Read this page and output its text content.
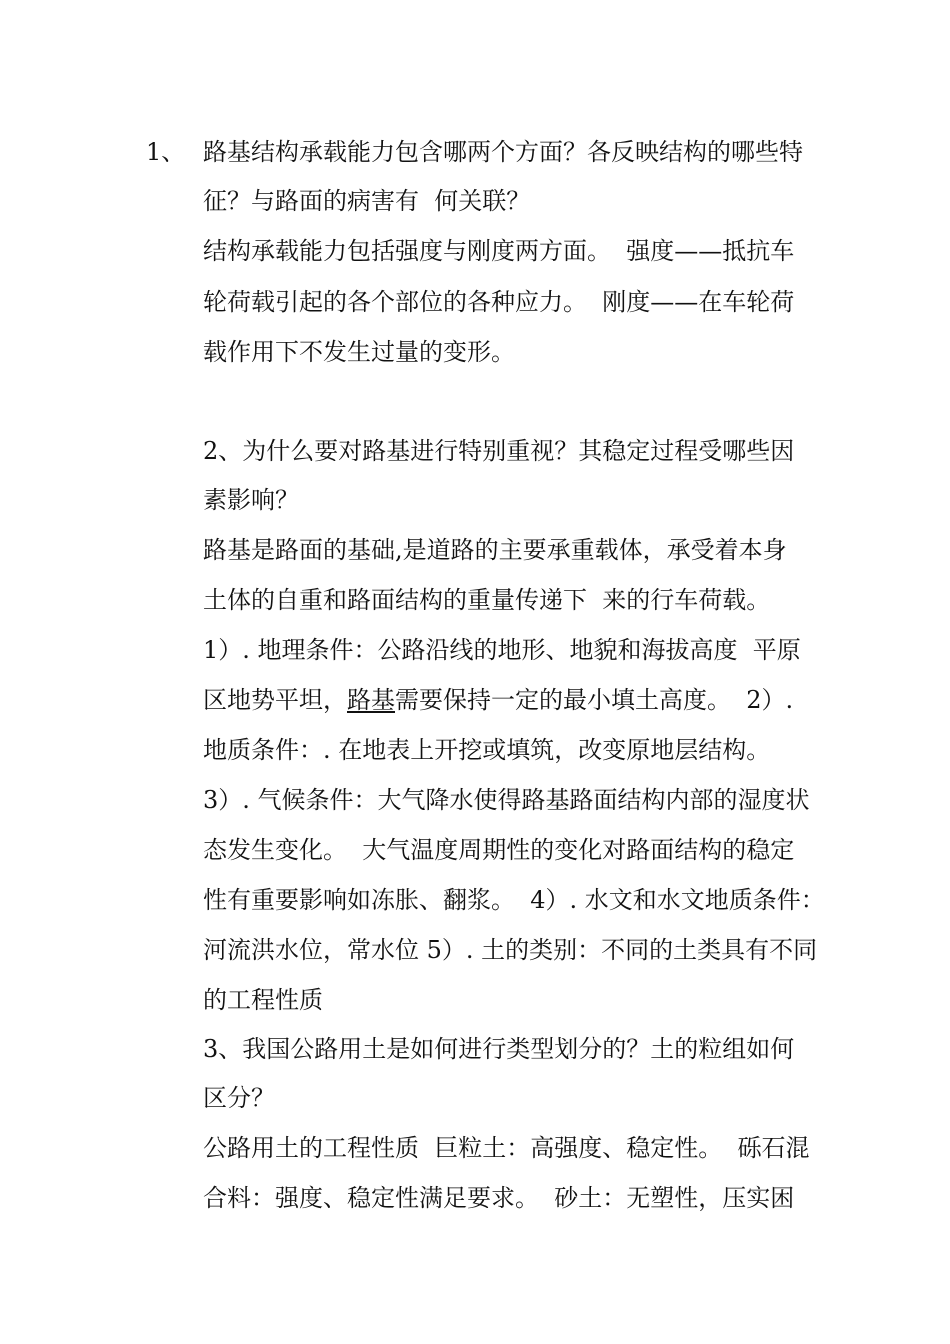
1、 路基结构承载能力包含哪两个方面？各反映结构的哪些特
征？与路面的病害有  何关联？
结构承载能力包括强度与刚度两方面。  强度——抵抗车
轮荷载引起的各个部位的各种应力。  刚度——在车轮荷
载作用下不发生过量的变形。
2、为什么要对路基进行特别重视？其稳定过程受哪些因
素影响？
路基是路面的基础,是道路的主要承重载体，承受着本身
土体的自重和路面结构的重量传递下  来的行车荷载。
1）. 地理条件：公路沿线的地形、地貌和海拔高度  平原
区地势平坦，路基需要保持一定的最小填土高度。  2）.
地质条件：. 在地表上开挖或填筑，改变原地层结构。
3）. 气候条件：大气降水使得路基路面结构内部的湿度状
态发生变化。  大气温度周期性的变化对路面结构的稳定
性有重要影响如冻胀、翻浆。  4）. 水文和水文地质条件：
河流洪水位，常水位 5）. 土的类别：不同的土类具有不同
的工程性质
3、我国公路用土是如何进行类型划分的？土的粒组如何
区分？
公路用土的工程性质  巨粒土：高强度、稳定性。  砾石混
合料：强度、稳定性满足要求。  砂土：无塑性，压实困
